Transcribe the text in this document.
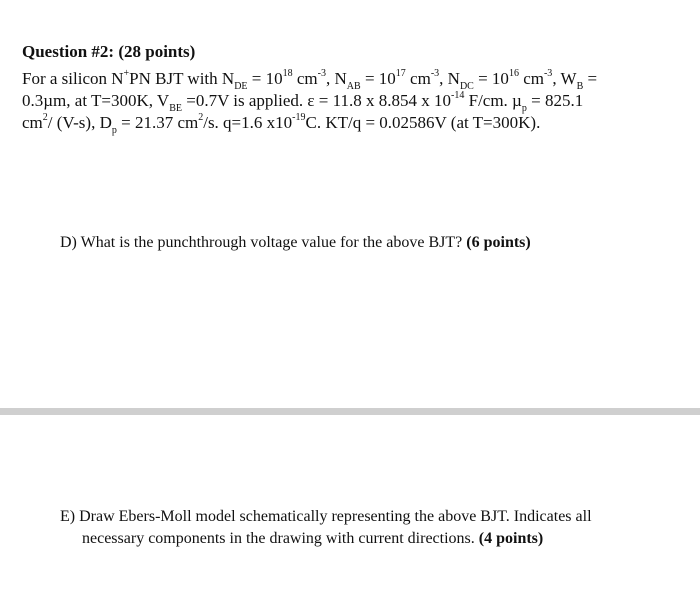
Question #2: (28 points)
For a silicon N+PN BJT with $N_{DE} = 10^{18}$ $cm^{-3}$, $N_{AB} = 10^{17}$ $cm^{-3}$, $N_{DC} = 10^{16}$ $cm^{-3}$, $W_B$ =
0.3µm, at T=300K, $V_{BE} =0.7V$ is applied. ε = 11.8 x 8.854 x $10^{-14}$ F/cm. µ$_p$ = 825.1
$cm^2/$ (V-s), $D_p = 21.37$ $cm^2/s$. q=1.6 $x10^{-19}C$. KT/q = 0.02586V (at T=300K).
D) What is the punchthrough voltage value for the above BJT? (6 points)
E) Draw Ebers-Moll model schematically representing the above BJT. Indicates all
necessary components in the drawing with current directions. (4 points)
